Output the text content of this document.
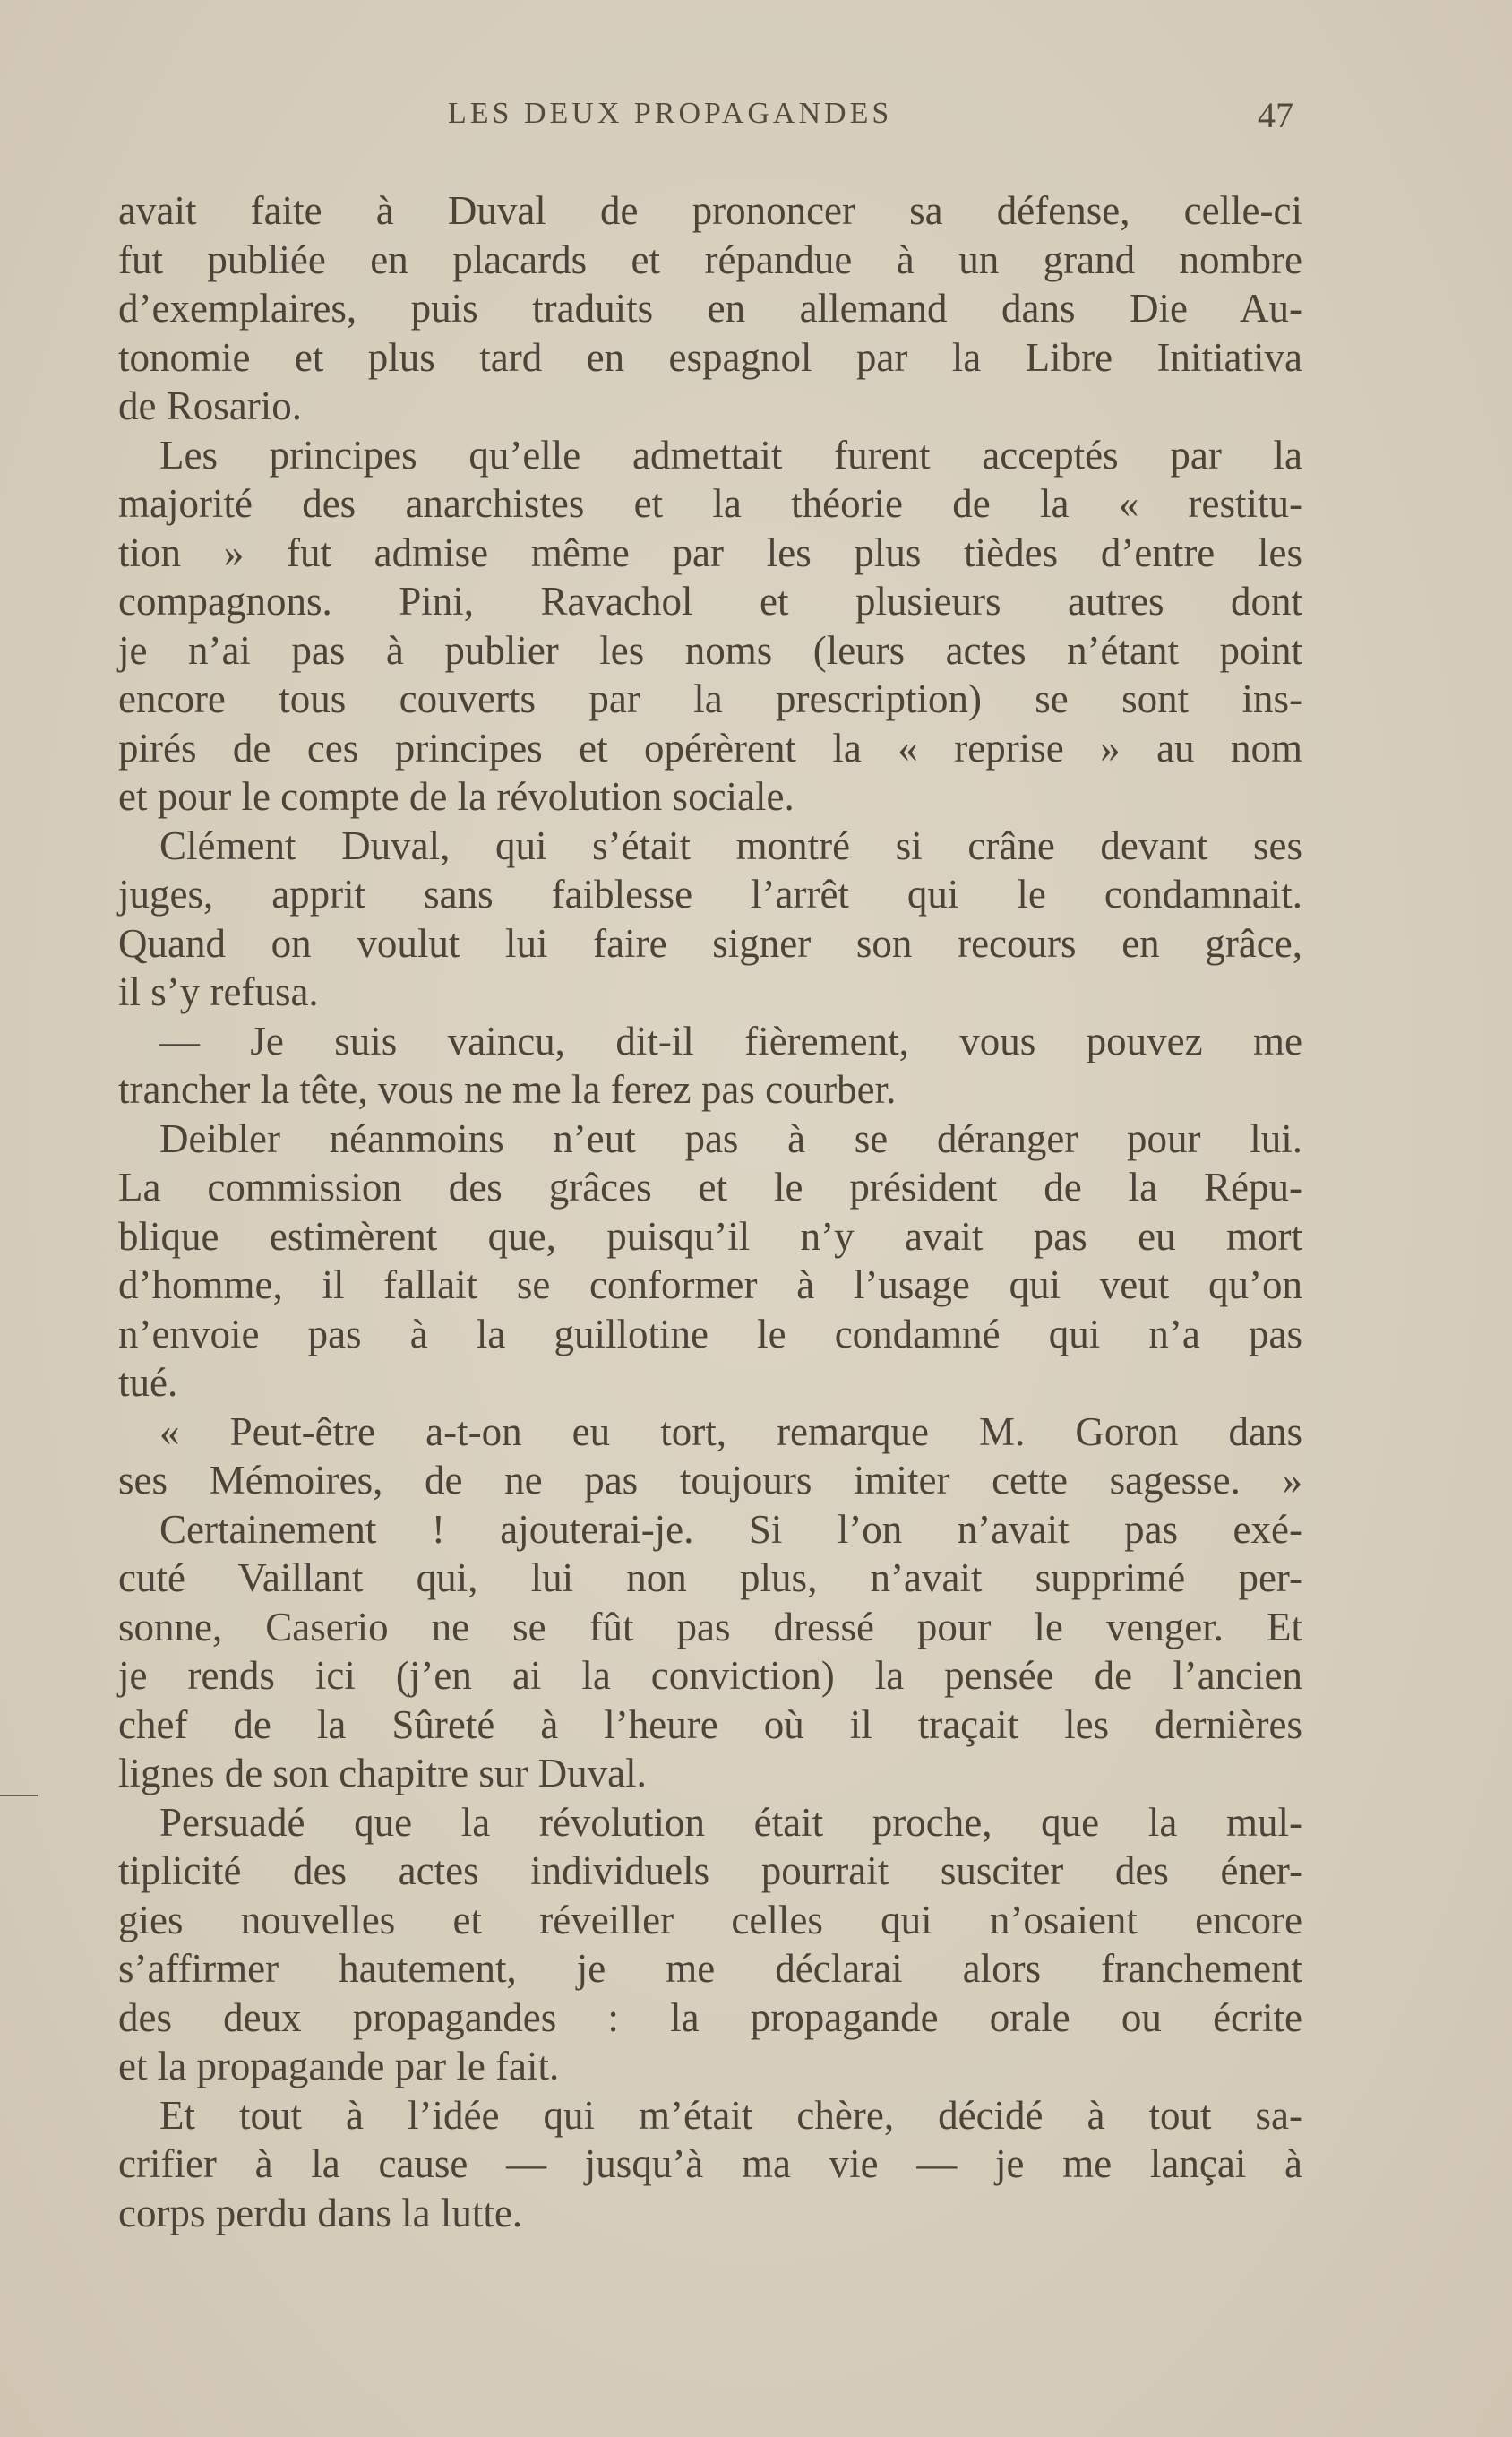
LES DEUX PROPAGANDES	47
avait faite à Duval de prononcer sa défense, celle-ci
fut publiée en placards et répandue à un grand nombre
d’exemplaires, puis traduits en allemand dans Die Au-
tonomie et plus tard en espagnol par la Libre Initiativa
de Rosario.
Les principes qu’elle admettait furent acceptés par la
majorité des anarchistes et la théorie de la « restitu-
tion » fut admise même par les plus tièdes d’entre les
compagnons. Pini, Ravachol et plusieurs autres dont
je n’ai pas à publier les noms (leurs actes n’étant point
encore tous couverts par la prescription) se sont ins-
pirés de ces principes et opérèrent la « reprise » au nom
et pour le compte de la révolution sociale.
Clément Duval, qui s’était montré si crâne devant ses
juges, apprit sans faiblesse l’arrêt qui le condamnait.
Quand on voulut lui faire signer son recours en grâce,
il s’y refusa.
— Je suis vaincu, dit-il fièrement, vous pouvez me
trancher la tête, vous ne me la ferez pas courber.
Deibler néanmoins n’eut pas à se déranger pour lui.
La commission des grâces et le président de la Répu-
blique estimèrent que, puisqu’il n’y avait pas eu mort
d’homme, il fallait se conformer à l’usage qui veut qu’on
n’envoie pas à la guillotine le condamné qui n’a pas
tué.
« Peut-être a-t-on eu tort, remarque M. Goron dans
ses Mémoires, de ne pas toujours imiter cette sagesse. »
Certainement ! ajouterai-je. Si l’on n’avait pas exé-
cuté Vaillant qui, lui non plus, n’avait supprimé per-
sonne, Caserio ne se fût pas dressé pour le venger. Et
je rends ici (j’en ai la conviction) la pensée de l’ancien
chef de la Sûreté à l’heure où il traçait les dernières
lignes de son chapitre sur Duval.
Persuadé que la révolution était proche, que la mul-
tiplicité des actes individuels pourrait susciter des éner-
gies nouvelles et réveiller celles qui n’osaient encore
s’affirmer hautement, je me déclarai alors franchement
des deux propagandes : la propagande orale ou écrite
et la propagande par le fait.
Et tout à l’idée qui m’était chère, décidé à tout sa-
crifier à la cause — jusqu’à ma vie — je me lançai à
corps perdu dans la lutte.
